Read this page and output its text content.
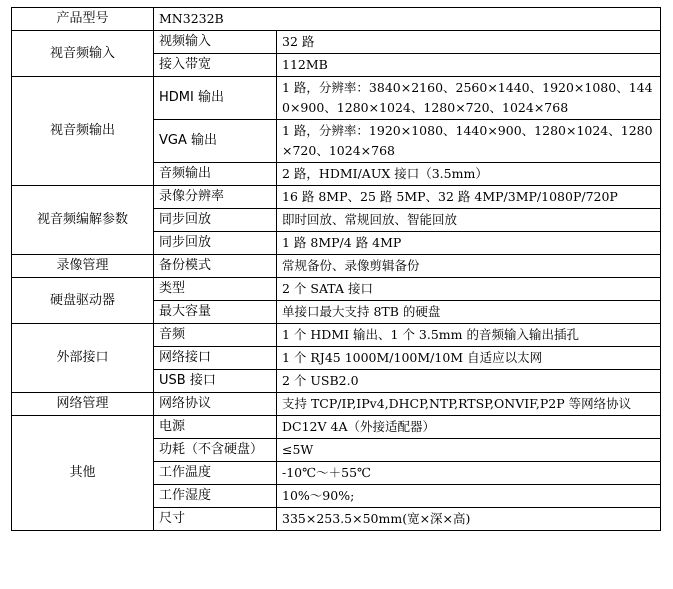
产品型号	MN3232B	
视音频输入	视频输入	32 路
	接入带宽	112MB
视音频输出	HDMI 输出	1 路，分辨率：3840×2160、2560×1440、1920×1080、1440×900、1280×1024、1280×720、1024×768
	VGA 输出	1 路，分辨率：1920×1080、1440×900、1280×1024、1280×720、1024×768
	音频输出	2 路，HDMI/AUX 接口（3.5mm）
视音频编解参数	录像分辨率	16 路 8MP、25 路 5MP、32 路 4MP/3MP/1080P/720P
	同步回放	即时回放、常规回放、智能回放
	同步回放	1 路 8MP/4 路 4MP
录像管理	备份模式	常规备份、录像剪辑备份
硬盘驱动器	类型	2 个 SATA 接口
	最大容量	单接口最大支持 8TB 的硬盘
外部接口	音频	1 个 HDMI 输出、1 个 3.5mm 的音频输入输出插孔
	网络接口	1 个 RJ45 1000M/100M/10M 自适应以太网
	USB 接口	2 个 USB2.0
网络管理	网络协议	支持 TCP/IP,IPv4,DHCP,NTP,RTSP,ONVIF,P2P 等网络协议
其他	电源	DC12V 4A（外接适配器）
	功耗（不含硬盘）	≤5W
	工作温度	-10℃～＋55℃
	工作湿度	10%～90%;
	尺寸	335×253.5×50mm(宽×深×高)
